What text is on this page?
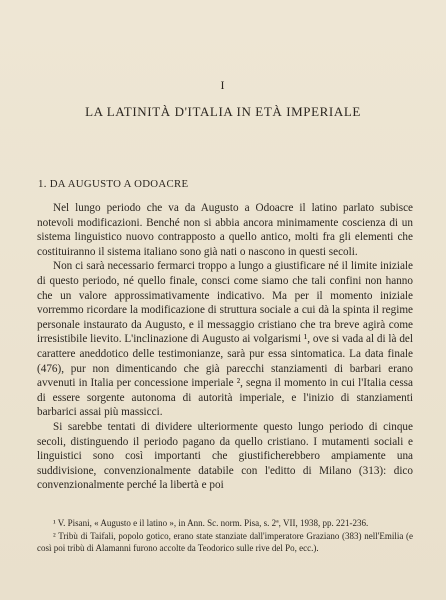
I
LA LATINITÀ D'ITALIA IN ETÀ IMPERIALE
1. DA AUGUSTO A ODOACRE

Nel lungo periodo che va da Augusto a Odoacre il latino parlato subisce notevoli modificazioni. Benché non si abbia ancora minimamente coscienza di un sistema linguistico nuovo contrapposto a quello antico, molti fra gli elementi che costituiranno il sistema italiano sono già nati o nascono in questi secoli.

Non ci sarà necessario fermarci troppo a lungo a giustificare né il limite iniziale di questo periodo, né quello finale, consci come siamo che tali confini non hanno che un valore approssimativamente indicativo. Ma per il momento iniziale vorremmo ricordare la modificazione di struttura sociale a cui dà la spinta il regime personale instaurato da Augusto, e il messaggio cristiano che tra breve agirà come irresistibile lievito. L'inclinazione di Augusto ai volgarismi ¹, ove si vada al di là del carattere aneddotico delle testimonianze, sarà pur essa sintomatica. La data finale (476), pur non dimenticando che già parecchi stanziamenti di barbari erano avvenuti in Italia per concessione imperiale ², segna il momento in cui l'Italia cessa di essere sorgente autonoma di autorità imperiale, e l'inizio di stanziamenti barbarici assai più massicci.

Si sarebbe tentati di dividere ulteriormente questo lungo periodo di cinque secoli, distinguendo il periodo pagano da quello cristiano. I mutamenti sociali e linguistici sono così importanti che giustificherebbero ampiamente una suddivisione, convenzionalmente databile con l'editto di Milano (313): dico convenzionalmente perché la libertà e poi

¹ V. Pisani, « Augusto e il latino », in Ann. Sc. norm. Pisa, s. 2ª, VII, 1938, pp. 221-236.

² Tribù di Taifali, popolo gotico, erano state stanziate dall'imperatore Graziano (383) nell'Emilia (e così poi tribù di Alamanni furono accolte da Teodorico sulle rive del Po, ecc.).
